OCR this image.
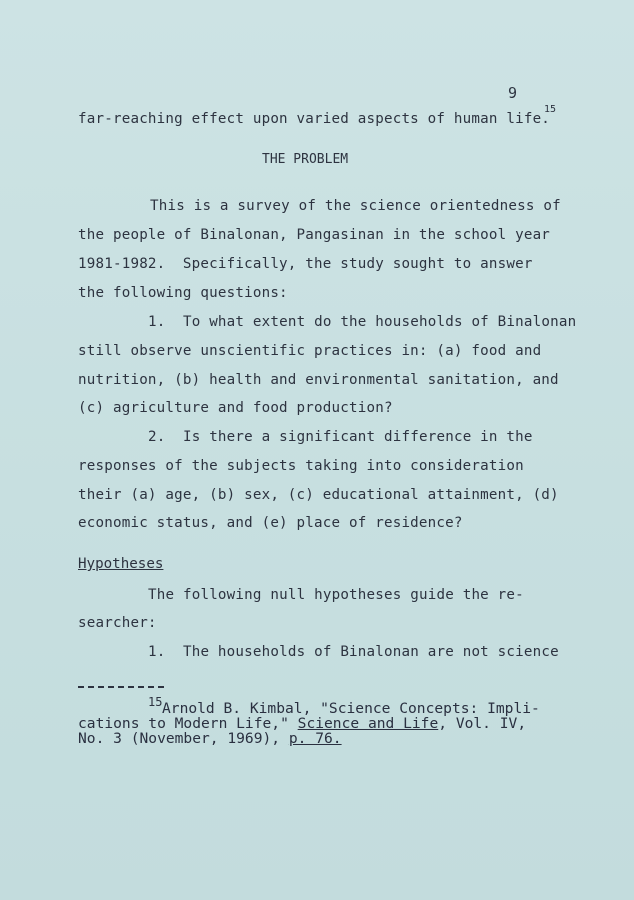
9
far-reaching effect upon varied aspects of human life.
15
THE PROBLEM
This is a survey of the science orientedness of
the people of Binalonan, Pangasinan in the school year
1981-1982.  Specifically, the study sought to answer
the following questions:
1.  To what extent do the households of Binalonan
still observe unscientific practices in: (a) food and
nutrition, (b) health and environmental sanitation, and
(c) agriculture and food production?
2.  Is there a significant difference in the
responses of the subjects taking into consideration
their (a) age, (b) sex, (c) educational attainment, (d)
economic status, and (e) place of residence?
Hypotheses
The following null hypotheses guide the re-
searcher:
1.  The households of Binalonan are not science
15 Arnold B. Kimbal, "Science Concepts: Impli-
cations to Modern Life," Science and Life, Vol. IV,
No. 3 (November, 1969), p. 76.
